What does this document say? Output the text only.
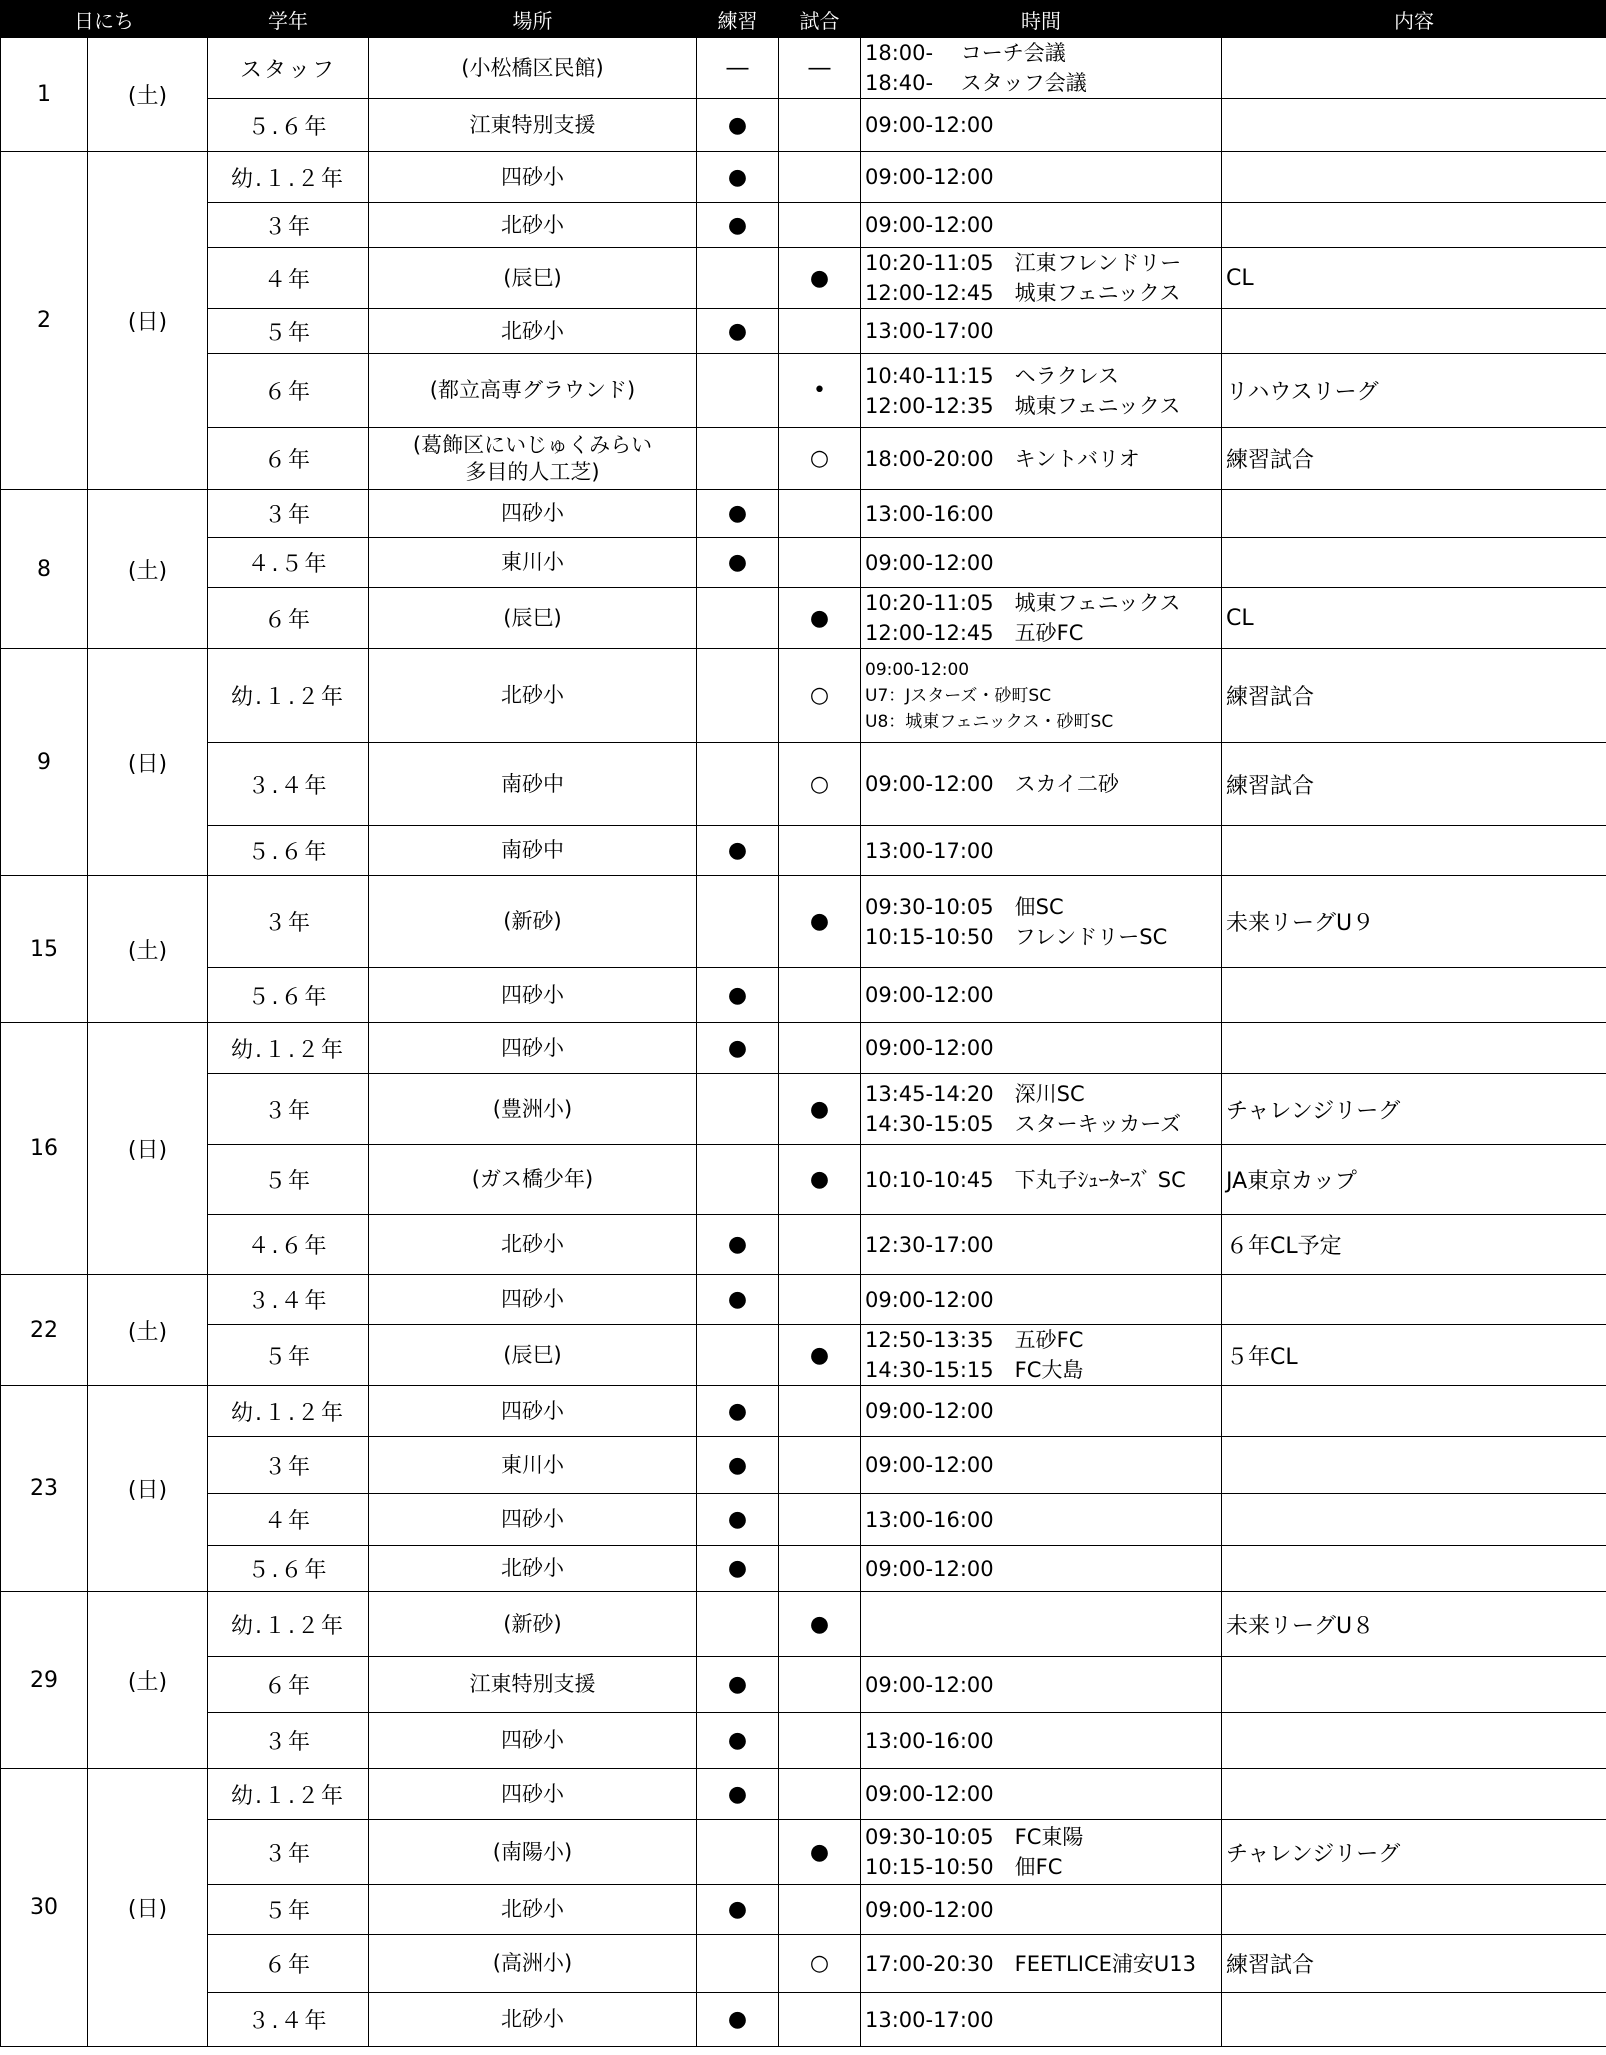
日にち		学年	場所	練習	試合	時間	内容
1	(土)	スタッフ	(小松橋区民館)	―	―	18:00-　 コーチ会議
18:40-　 スタッフ会議	

		５.６年	江東特別支援	●		09:00-12:00	

2	(日)	幼.１.２年	四砂小	●		09:00-12:00	

		３年	北砂小	●		09:00-12:00	

		４年	(辰巳)		●	10:20-11:05　江東フレンドリー
12:00-12:45　城東フェニックス	CL
		５年	北砂小	●		13:00-17:00	

		６年	(都立高専グラウンド)		•	10:40-11:15　ヘラクレス
12:00-12:35　城東フェニックス	リハウスリーグ
		６年	(葛飾区にいじゅくみらい
多目的人工芝)		○	18:00-20:00　キントバリオ	練習試合
8	(土)	３年	四砂小	●		13:00-16:00	

		４.５年	東川小	●		09:00-12:00	

		６年	(辰巳)		●	10:20-11:05　城東フェニックス
12:00-12:45　五砂FC	CL
9	(日)	幼.１.２年	北砂小		○	09:00-12:00
U7：Jスターズ・砂町SC
U8：城東フェニックス・砂町SC	練習試合
		３.４年	南砂中		○	09:00-12:00　スカイ二砂	練習試合
		５.６年	南砂中	●		13:00-17:00	

15	(土)	３年	(新砂)		●	09:30-10:05　佃SC
10:15-10:50　フレンドリーSC	未来リーグU９
		５.６年	四砂小	●		09:00-12:00	

16	(日)	幼.１.２年	四砂小	●		09:00-12:00	

		３年	(豊洲小)		●	13:45-14:20　深川SC
14:30-15:05　スターキッカーズ	チャレンジリーグ
		５年	(ガス橋少年)		●	10:10-10:45　下丸子ｼｭｰﾀｰｽﾞ SC	JA東京カップ
		４.６年	北砂小	●		12:30-17:00	６年CL予定
22	(土)	３.４年	四砂小	●		09:00-12:00	

		５年	(辰巳)		●	12:50-13:35　五砂FC
14:30-15:15　FC大島	５年CL
23	(日)	幼.１.２年	四砂小	●		09:00-12:00	

		３年	東川小	●		09:00-12:00	

		４年	四砂小	●		13:00-16:00	

		５.６年	北砂小	●		09:00-12:00	

29	(土)	幼.１.２年	(新砂)		●		未来リーグU８
		６年	江東特別支援	●		09:00-12:00	

		３年	四砂小	●		13:00-16:00	

30	(日)	幼.１.２年	四砂小	●		09:00-12:00	

		３年	(南陽小)		●	09:30-10:05　FC東陽
10:15-10:50　佃FC	チャレンジリーグ
		５年	北砂小	●		09:00-12:00	

		６年	(高洲小)		○	17:00-20:30　FEETLICE浦安U13	練習試合
		３.４年	北砂小	●		13:00-17:00	
